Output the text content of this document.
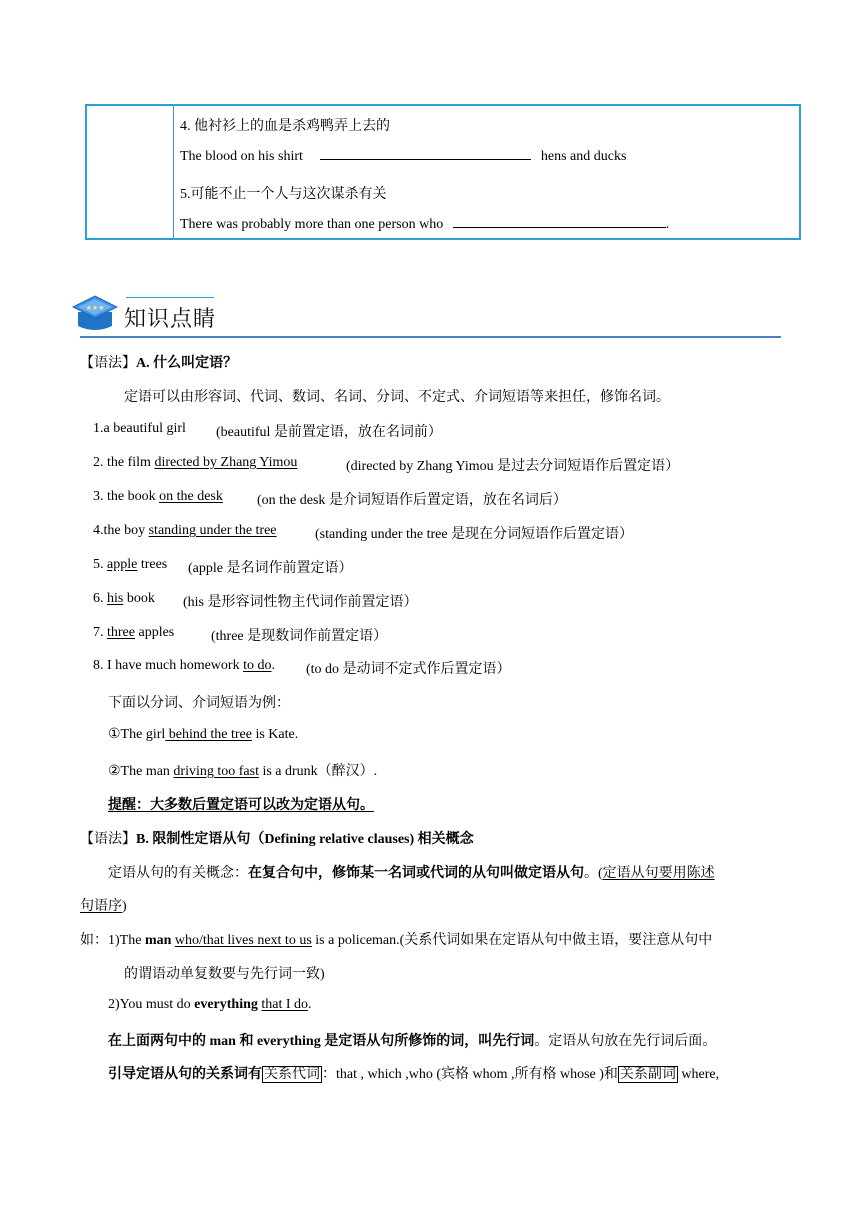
4. 他衬衫上的血是杀鸡鸭弄上去的
The blood on his shirt	hens and ducks
5.可能不止一个人与这次谋杀有关
There was probably more than one person who	.
★★★ 知识点睛
【语法】A. 什么叫定语？
定语可以由形容词、代词、数词、名词、分词、不定式、介词短语等来担任，修饰名词。
1.a beautiful girl (beautiful 是前置定语，放在名词前）
2. the film directed by Zhang Yimou	(directed by Zhang Yimou 是过去分词短语作后置定语）
3. the book on the desk (on the desk 是介词短语作后置定语，放在名词后）
4.the boy standing under the tree	(standing under the tree 是现在分词短语作后置定语）
5. apple trees (apple 是名词作前置定语）
6. his book (his 是形容词性物主代词作前置定语）
7. three apples	(three 是现数词作前置定语）
8. I have much homework to do. (to do 是动词不定式作后置定语）
下面以分词、介词短语为例：
①The girl behind the tree is Kate.
②The man driving too fast is a drunk（醉汉）.
提醒：大多数后置定语可以改为定语从句。
【语法】B. 限制性定语从句（Defining relative clauses) 相关概念
定语从句的有关概念：在复合句中，修饰某一名词或代词的从句叫做定语从句。(定语从句要用陈述
句语序)
如：1)The man who/that lives next to us is a policeman.(关系代词如果在定语从句中做主语，要注意从句中
的谓语动单复数要与先行词一致)
2)You must do everything that I do.
在上面两句中的 man 和 everything 是定语从句所修饰的词，叫先行词。定语从句放在先行词后面。
引导定语从句的关系词有 关系代词 ：that , which ,who (宾格 whom ,所有格 whose )和 关系副词 where,
